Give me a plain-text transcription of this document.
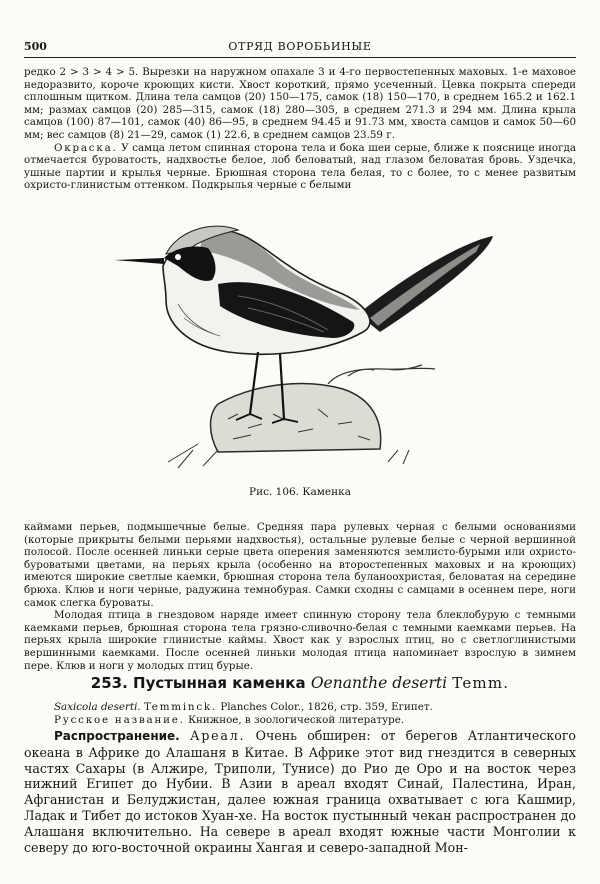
500	ОТРЯД ВОРОБЬИНЫЕ

редко 2 > 3 > 4 > 5. Вырезки на наружном опахале 3 и 4-го первостепенных маховых. 1-е маховое недоразвито, короче кроющих кисти. Хвост короткий, прямо усеченный. Цевка покрыта спереди сплошным щитком. Длина тела самцов (20) 150—175, самок (18) 150—170, в среднем 165.2 и 162.1 мм; размах самцов (20) 285—315, самок (18) 280—305, в среднем 271.3 и 294 мм. Длина крыла самцов (100) 87—101, самок (40) 86—95, в среднем 94.45 и 91.73 мм, хвоста самцов и самок 50—60 мм; вес самцов (8) 21—29, самок (1) 22.6, в среднем самцов 23.59 г.

Окраска. У самца летом спинная сторона тела и бока шеи серые, ближе к пояснице иногда отмечается буроватость, надхвостье белое, лоб беловатый, над глазом беловатая бровь. Уздечка, ушные партии и крылья черные. Брюшная сторона тела белая, то с более, то с менее развитым охристо-глинистым оттенком. Подкрылья черные с белыми

Рис. 106. Каменка

каймами перьев, подмышечные белые. Средняя пара рулевых черная с белыми основаниями (которые прикрыты белыми перьями надхвостья), остальные рулевые белые с черной вершинной полосой. После осенней линьки серые цвета оперения заменяются землисто-бурыми или охристо-буроватыми цветами, на перьях крыла (особенно на второстепенных маховых и на кроющих) имеются широкие светлые каемки, брюшная сторона тела буланоохристая, беловатая на середине брюха. Клюв и ноги черные, радужина темнобурая. Самки сходны с самцами в осеннем пере, ноги самок слегка буроваты.

Молодая птица в гнездовом наряде имеет спинную сторону тела блеклобурую с темными каемками перьев, брюшная сторона тела грязно-сливочно-белая с темными каемками перьев. На перьях крыла широкие глинистые каймы. Хвост как у взрослых птиц, но с светлоглинистыми вершинными каемками. После осенней линьки молодая птица напоминает взрослую в зимнем пере. Клюв и ноги у молодых птиц бурые.

253. Пустынная каменка Oenanthe deserti Temm.

Saxicola deserti. Temminck. Planches Color., 1826, стр. 359, Египет.

Русское название. Книжное, в зоологической литературе.

Распространение. Ареал. Очень обширен: от берегов Атлантического океана в Африке до Алашаня в Китае. В Африке этот вид гнездится в северных частях Сахары (в Алжире, Триполи, Тунисе) до Рио де Оро и на восток через нижний Египет до Нубии. В Азии в ареал входят Синай, Палестина, Иран, Афганистан и Белуджистан, далее южная граница охватывает с юга Кашмир, Ладак и Тибет до истоков Хуан-хе. На восток пустынный чекан распространен до Алашаня включительно. На севере в ареал входят южные части Монголии к северу до юго-восточной окраины Хангая и северо-западной Мон-
